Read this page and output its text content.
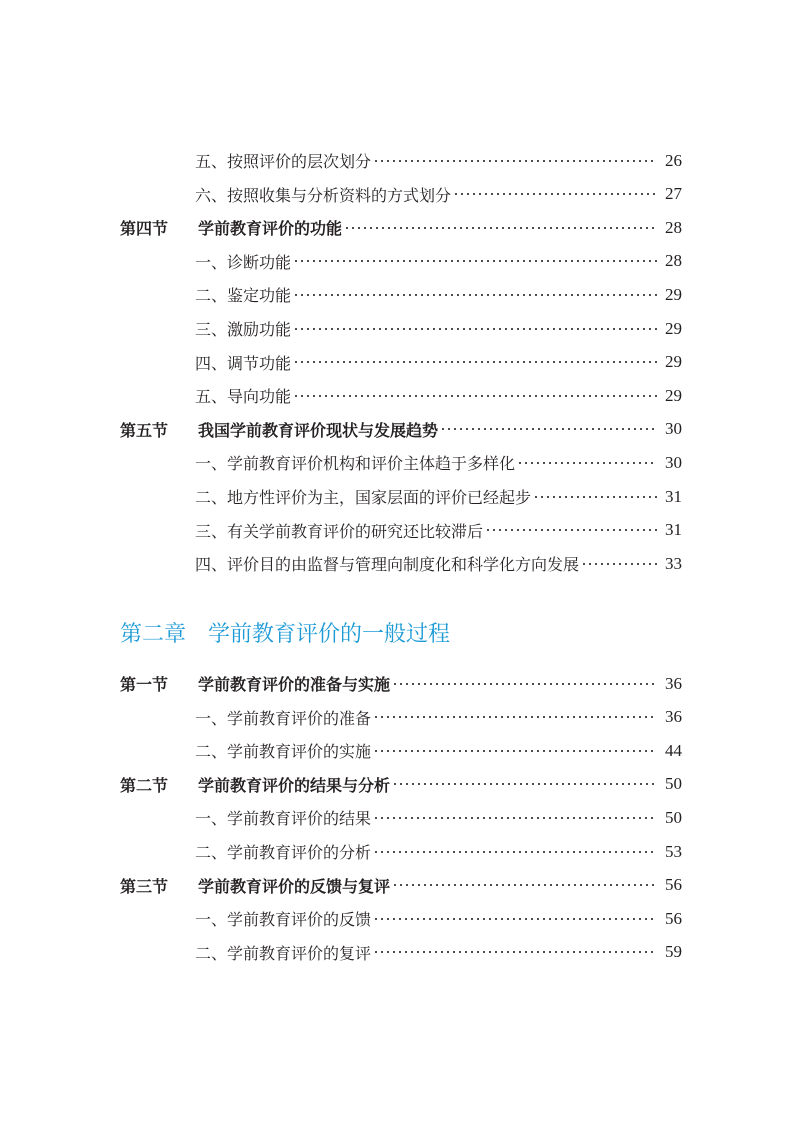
五、按照评价的层次划分	26
六、按照收集与分析资料的方式划分	27
第四节	学前教育评价的功能	28
一、诊断功能	28
二、鉴定功能	29
三、激励功能	29
四、调节功能	29
五、导向功能	29
第五节	我国学前教育评价现状与发展趋势	30
一、学前教育评价机构和评价主体趋于多样化	30
二、地方性评价为主，国家层面的评价已经起步	31
三、有关学前教育评价的研究还比较滞后	31
四、评价目的由监督与管理向制度化和科学化方向发展	33
第二章 学前教育评价的一般过程
第一节	学前教育评价的准备与实施	36
一、学前教育评价的准备	36
二、学前教育评价的实施	44
第二节	学前教育评价的结果与分析	50
一、学前教育评价的结果	50
二、学前教育评价的分析	53
第三节	学前教育评价的反馈与复评	56
一、学前教育评价的反馈	56
二、学前教育评价的复评	59
